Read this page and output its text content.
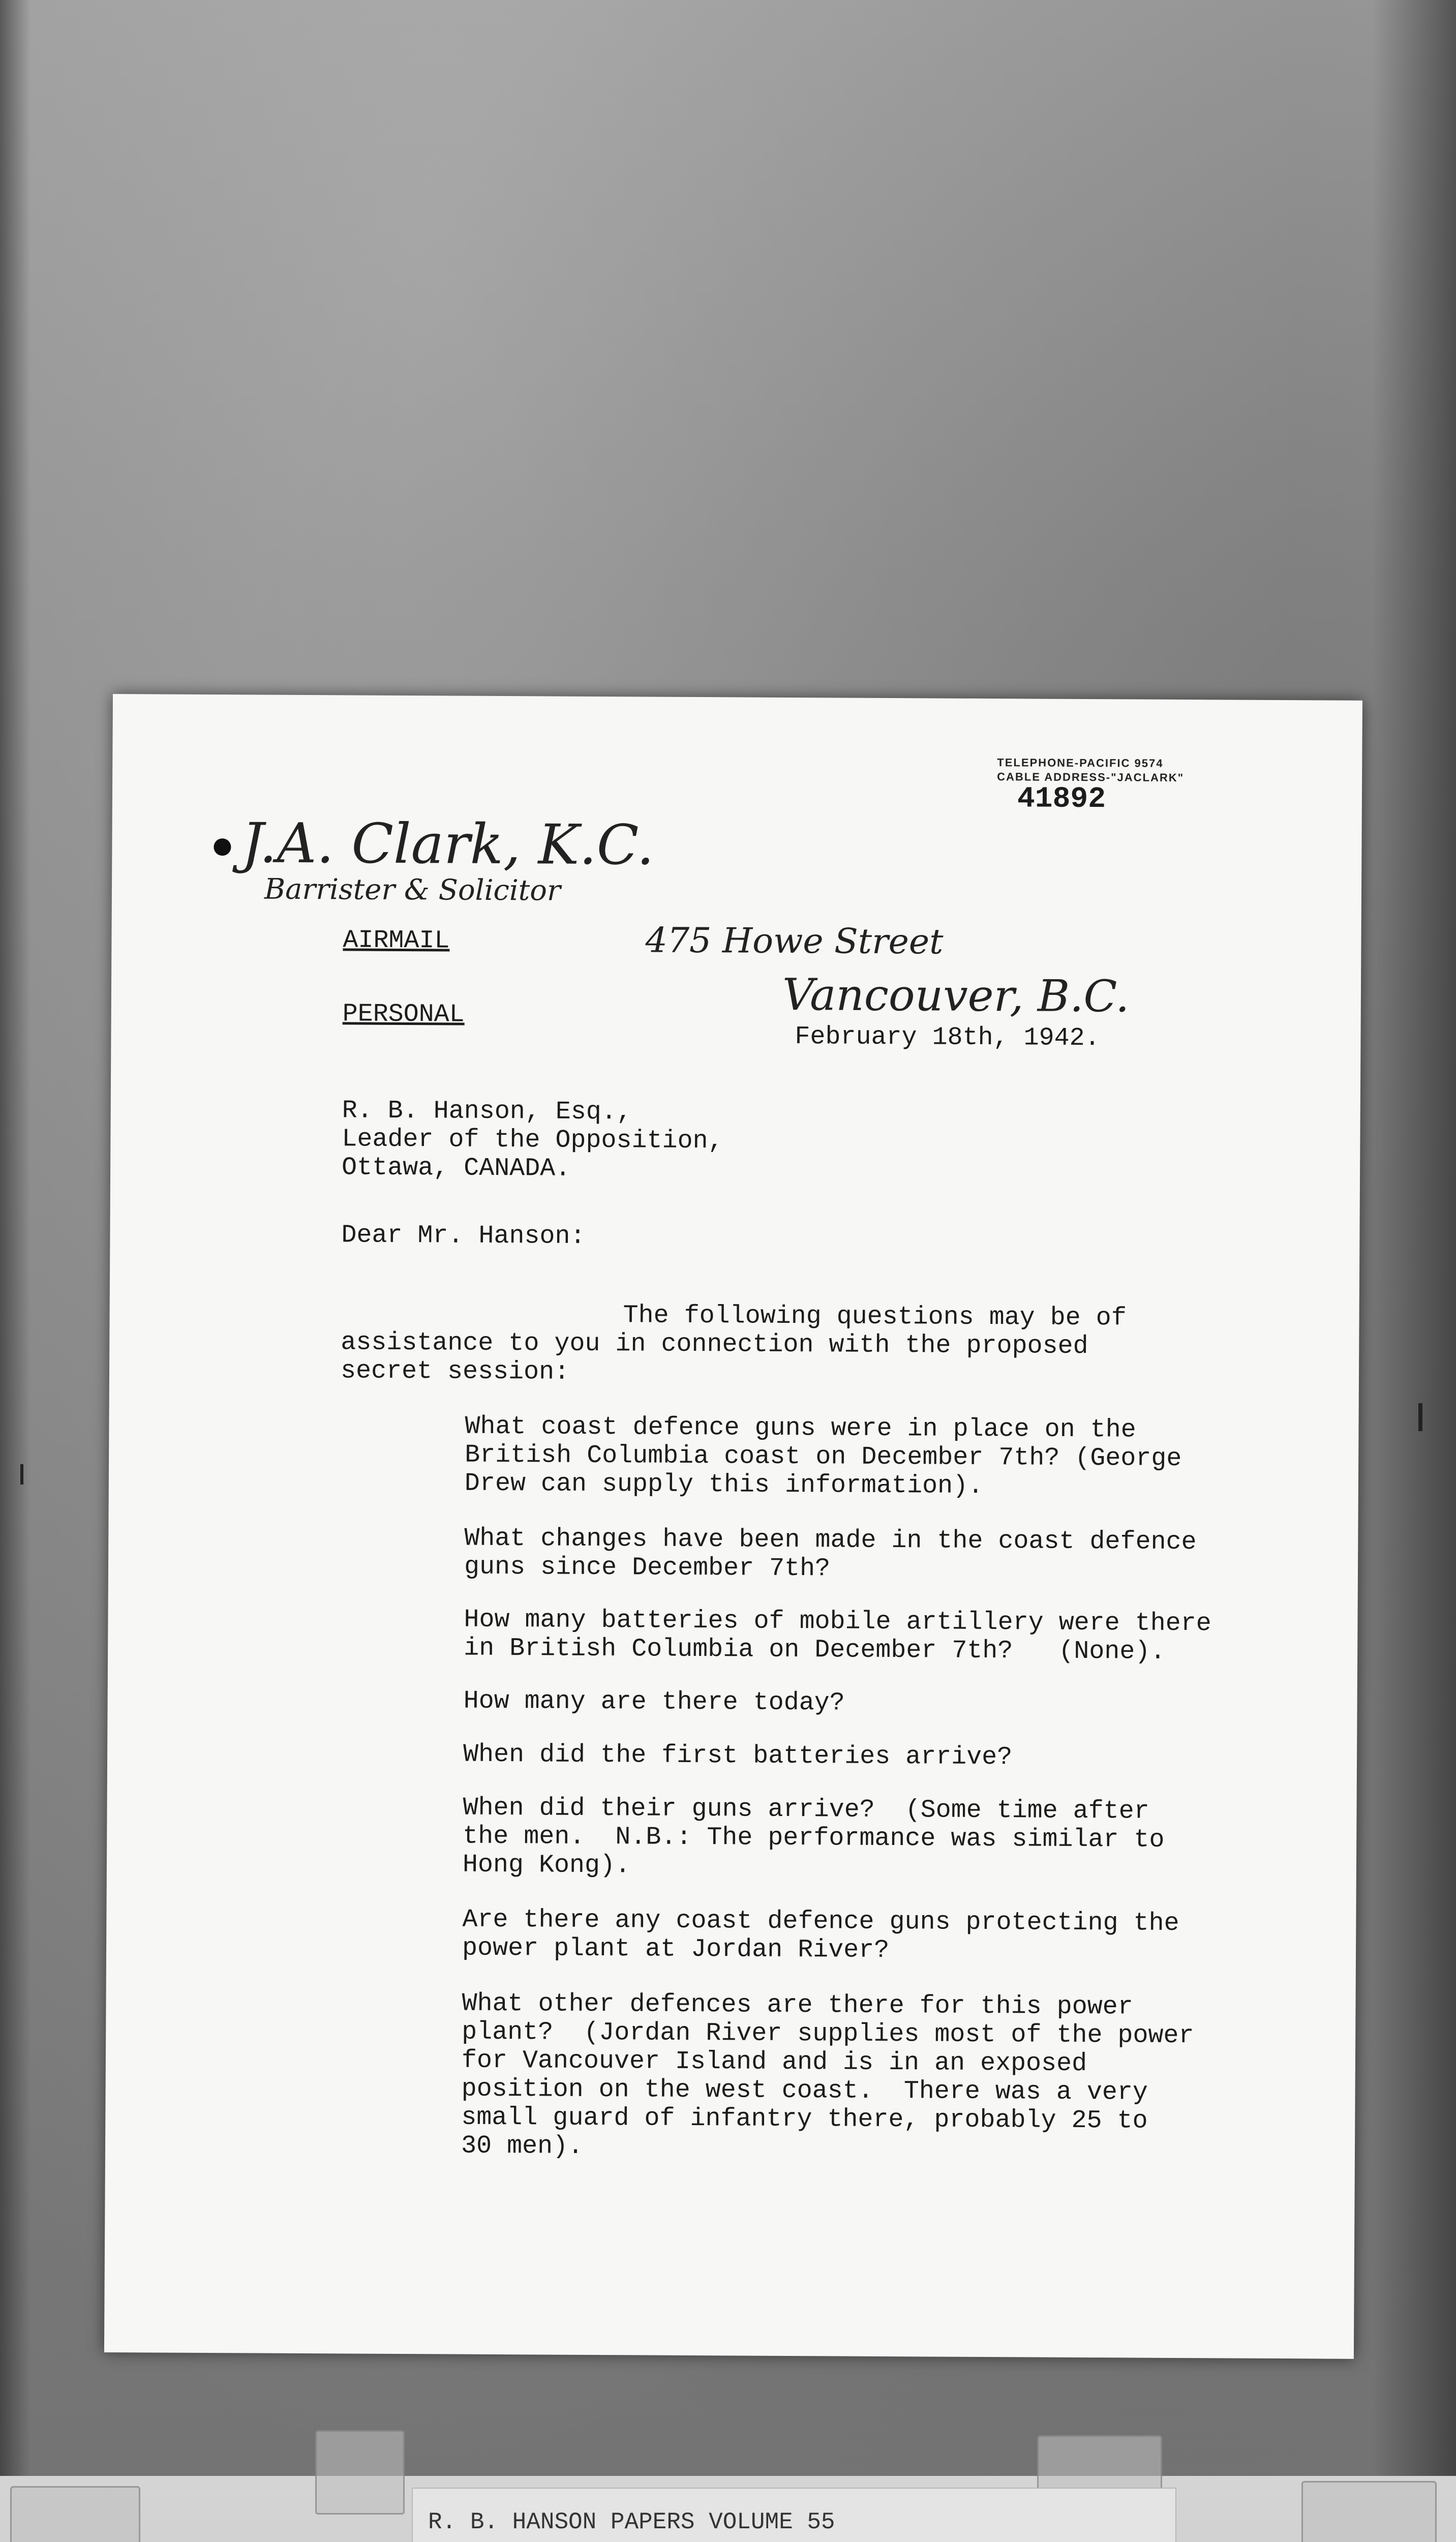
TELEPHONE-PACIFIC 9574
CABLE ADDRESS-"JACLARK"
41892
J.A. Clark, K.C.
Barrister & Solicitor
475 Howe Street
Vancouver, B.C.
AIRMAIL
PERSONAL
February 18th, 1942.
R. B. Hanson, Esq.,
Leader of the Opposition,
Ottawa, CANADA.
Dear Mr. Hanson:
The following questions may be of
assistance to you in connection with the proposed
secret session:
What coast defence guns were in place on the
British Columbia coast on December 7th? (George
Drew can supply this information).
What changes have been made in the coast defence
guns since December 7th?
How many batteries of mobile artillery were there
in British Columbia on December 7th?   (None).
How many are there today?
When did the first batteries arrive?
When did their guns arrive?  (Some time after
the men.  N.B.: The performance was similar to
Hong Kong).
Are there any coast defence guns protecting the
power plant at Jordan River?
What other defences are there for this power
plant?  (Jordan River supplies most of the power
for Vancouver Island and is in an exposed
position on the west coast.  There was a very
small guard of infantry there, probably 25 to
30 men).
R. B. HANSON PAPERS VOLUME 55
